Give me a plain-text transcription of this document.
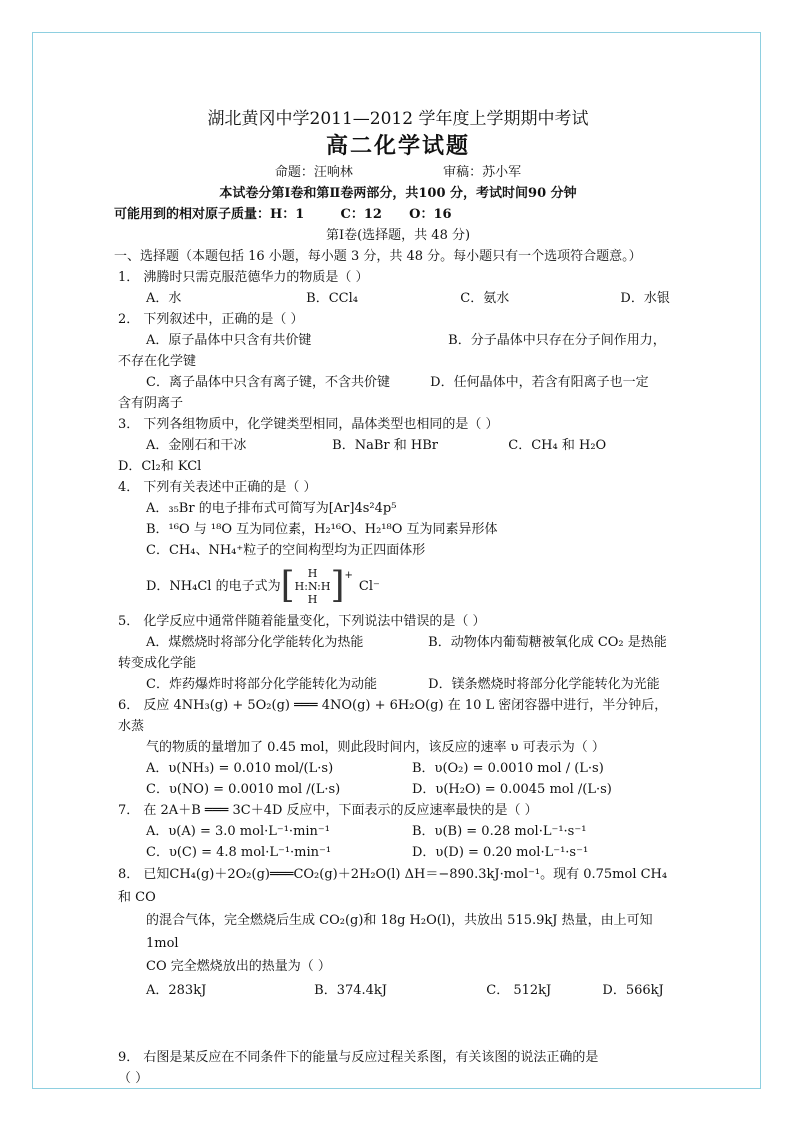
湖北黄冈中学2011—2012 学年度上学期期中考试
高二化学试题
命题：汪响林	审稿：苏小军
本试卷分第Ⅰ卷和第Ⅱ卷两部分，共100 分，考试时间90 分钟
可能用到的相对原子质量：H：1        C：12      O：16
第Ⅰ卷(选择题，共 48 分)
一、选择题（本题包括 16 小题，每小题 3 分，共 48 分。每小题只有一个选项符合题意。）
1． 沸腾时只需克服范德华力的物质是（ ）
A．水	B．CCl₄	C．氨水	D．水银
2． 下列叙述中，正确的是（ ）
A．原子晶体中只含有共价键	B．分子晶体中只存在分子间作用力，
不存在化学键
C．离子晶体中只含有离子键，不含共价键	D．任何晶体中，若含有阳离子也一定
含有阴离子
3． 下列各组物质中，化学键类型相同，晶体类型也相同的是（ ）
A．金刚石和干冰	B．NaBr 和 HBr	C．CH₄ 和 H₂O
D．Cl₂和 KCl
4． 下列有关表述中正确的是（ ）
A．₃₅Br 的电子排布式可简写为[Ar]4s²4p⁵
B．¹⁶O 与 ¹⁸O 互为同位素，H₂¹⁶O、H₂¹⁸O 互为同素异形体
C．CH₄、NH₄⁺粒子的空间构型均为正四面体形
D．NH₄Cl 的电子式为 [	H
H:N:H
H ] +
Cl⁻
5． 化学反应中通常伴随着能量变化，下列说法中错误的是（ ）
A．煤燃烧时将部分化学能转化为热能	B．动物体内葡萄糖被氧化成 CO₂ 是热能
转变成化学能
C．炸药爆炸时将部分化学能转化为动能	D．镁条燃烧时将部分化学能转化为光能
6． 反应 4NH₃(g) + 5O₂(g) ═══ 4NO(g) + 6H₂O(g) 在 10 L 密闭容器中进行，半分钟后，水蒸
气的物质的量增加了 0.45 mol，则此段时间内，该反应的速率 υ 可表示为（ ）
A．υ(NH₃) = 0.010 mol/(L·s)	B．υ(O₂) = 0.0010 mol / (L·s)
C．υ(NO) = 0.0010 mol /(L·s)	D．υ(H₂O) = 0.0045 mol /(L·s)
7． 在 2A＋B ═══ 3C＋4D 反应中，下面表示的反应速率最快的是（ ）
A．υ(A) = 3.0 mol·L⁻¹·min⁻¹	B．υ(B) = 0.28 mol·L⁻¹·s⁻¹
C．υ(C) = 4.8 mol·L⁻¹·min⁻¹	D．υ(D) = 0.20 mol·L⁻¹·s⁻¹
8． 已知CH₄(g)＋2O₂(g)═══CO₂(g)＋2H₂O(l) ΔH＝−890.3kJ·mol⁻¹。现有 0.75mol CH₄ 和 CO
的混合气体，完全燃烧后生成 CO₂(g)和 18g H₂O(l)，共放出 515.9kJ 热量，由上可知 1mol
CO 完全燃烧放出的热量为（ ）
A．283kJ	B．374.4kJ	C． 512kJ	D．566kJ
9． 右图是某反应在不同条件下的能量与反应过程关系图，有关该图的说法正确的是
（ ）
